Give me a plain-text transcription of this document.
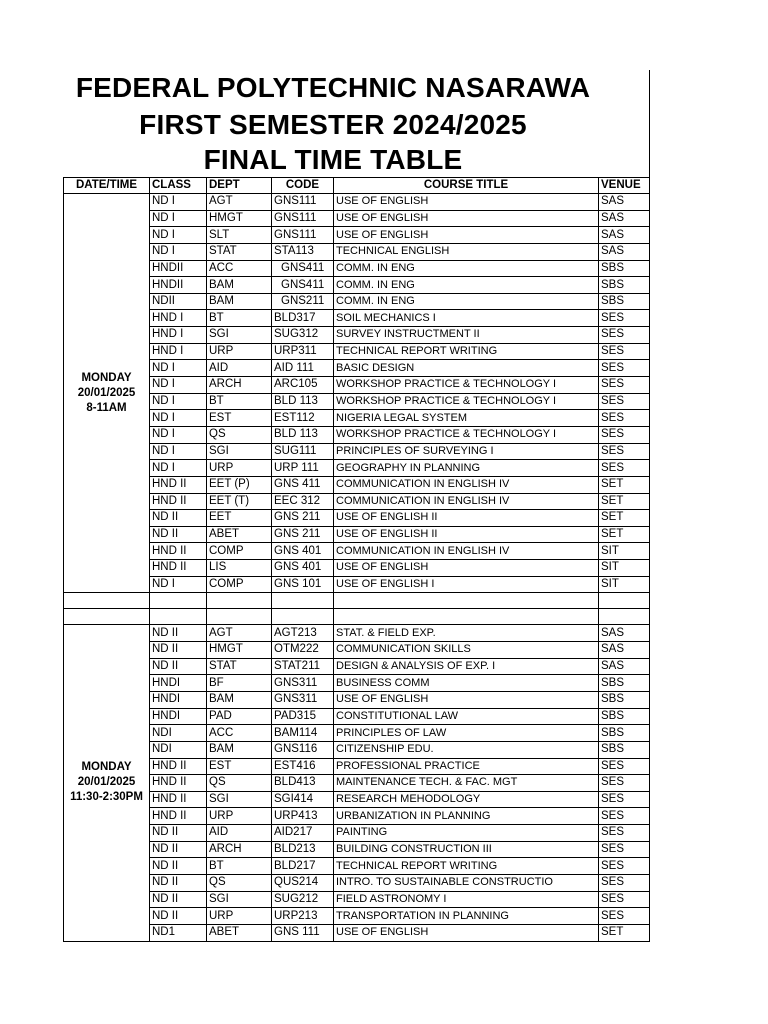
FEDERAL POLYTECHNIC NASARAWA
FIRST SEMESTER 2024/2025
FINAL TIME TABLE
DATE/TIME	CLASS	DEPT	CODE	COURSE TITLE	VENUE

MONDAY
20/01/2025
8-11AM	ND I	AGT	GNS111	USE OF ENGLISH	SAS
	ND I	HMGT	GNS111	USE OF ENGLISH	SAS
	ND I	SLT	GNS111	USE OF ENGLISH	SAS
	ND I	STAT	STA113	TECHNICAL ENGLISH	SAS
	HNDII	ACC	GNS411	COMM. IN ENG	SBS
	HNDII	BAM	GNS411	COMM. IN ENG	SBS
	NDII	BAM	GNS211	COMM. IN ENG	SBS
	HND I	BT	BLD317	SOIL MECHANICS I	SES
	HND I	SGI	SUG312	SURVEY INSTRUCTMENT II	SES
	HND I	URP	URP311	TECHNICAL REPORT WRITING	SES
	ND I	AID	AID 111	BASIC DESIGN	SES
	ND I	ARCH	ARC105	WORKSHOP PRACTICE & TECHNOLOGY I	SES
	ND I	BT	BLD 113	WORKSHOP PRACTICE & TECHNOLOGY I	SES
	ND I	EST	EST112	NIGERIA LEGAL SYSTEM	SES
	ND I	QS	BLD 113	WORKSHOP PRACTICE & TECHNOLOGY I	SES
	ND I	SGI	SUG111	PRINCIPLES OF SURVEYING I	SES
	ND I	URP	URP 111	GEOGRAPHY IN PLANNING	SES
	HND II	EET (P)	GNS 411	COMMUNICATION IN ENGLISH IV	SET
	HND II	EET (T)	EEC 312	COMMUNICATION IN ENGLISH IV	SET
	ND II	EET	GNS 211	USE OF ENGLISH II	SET
	ND II	ABET	GNS 211	USE OF ENGLISH II	SET
	HND II	COMP	GNS 401	COMMUNICATION IN ENGLISH IV	SIT
	HND II	LIS	GNS 401	USE OF ENGLISH	SIT
	ND I	COMP	GNS 101	USE OF ENGLISH I	SIT

MONDAY
20/01/2025
11:30-2:30PM	ND II	AGT	AGT213	STAT. & FIELD EXP.	SAS
	ND II	HMGT	OTM222	COMMUNICATION SKILLS	SAS
	ND II	STAT	STAT211	DESIGN & ANALYSIS OF EXP. I	SAS
	HNDI	BF	GNS311	BUSINESS COMM	SBS
	HNDI	BAM	GNS311	USE OF ENGLISH	SBS
	HNDI	PAD	PAD315	CONSTITUTIONAL LAW	SBS
	NDI	ACC	BAM114	PRINCIPLES OF LAW	SBS
	NDI	BAM	GNS116	CITIZENSHIP EDU.	SBS
	HND II	EST	EST416	PROFESSIONAL PRACTICE	SES
	HND II	QS	BLD413	MAINTENANCE TECH. & FAC. MGT	SES
	HND II	SGI	SGI414	RESEARCH MEHODOLOGY	SES
	HND II	URP	URP413	URBANIZATION IN PLANNING	SES
	ND II	AID	AID217	PAINTING	SES
	ND II	ARCH	BLD213	BUILDING CONSTRUCTION III	SES
	ND II	BT	BLD217	TECHNICAL REPORT WRITING	SES
	ND II	QS	QUS214	INTRO. TO SUSTAINABLE CONSTRUCTIO	SES
	ND II	SGI	SUG212	FIELD ASTRONOMY I	SES
	ND II	URP	URP213	TRANSPORTATION IN PLANNING	SES
	ND1	ABET	GNS 111	USE OF ENGLISH	SET
